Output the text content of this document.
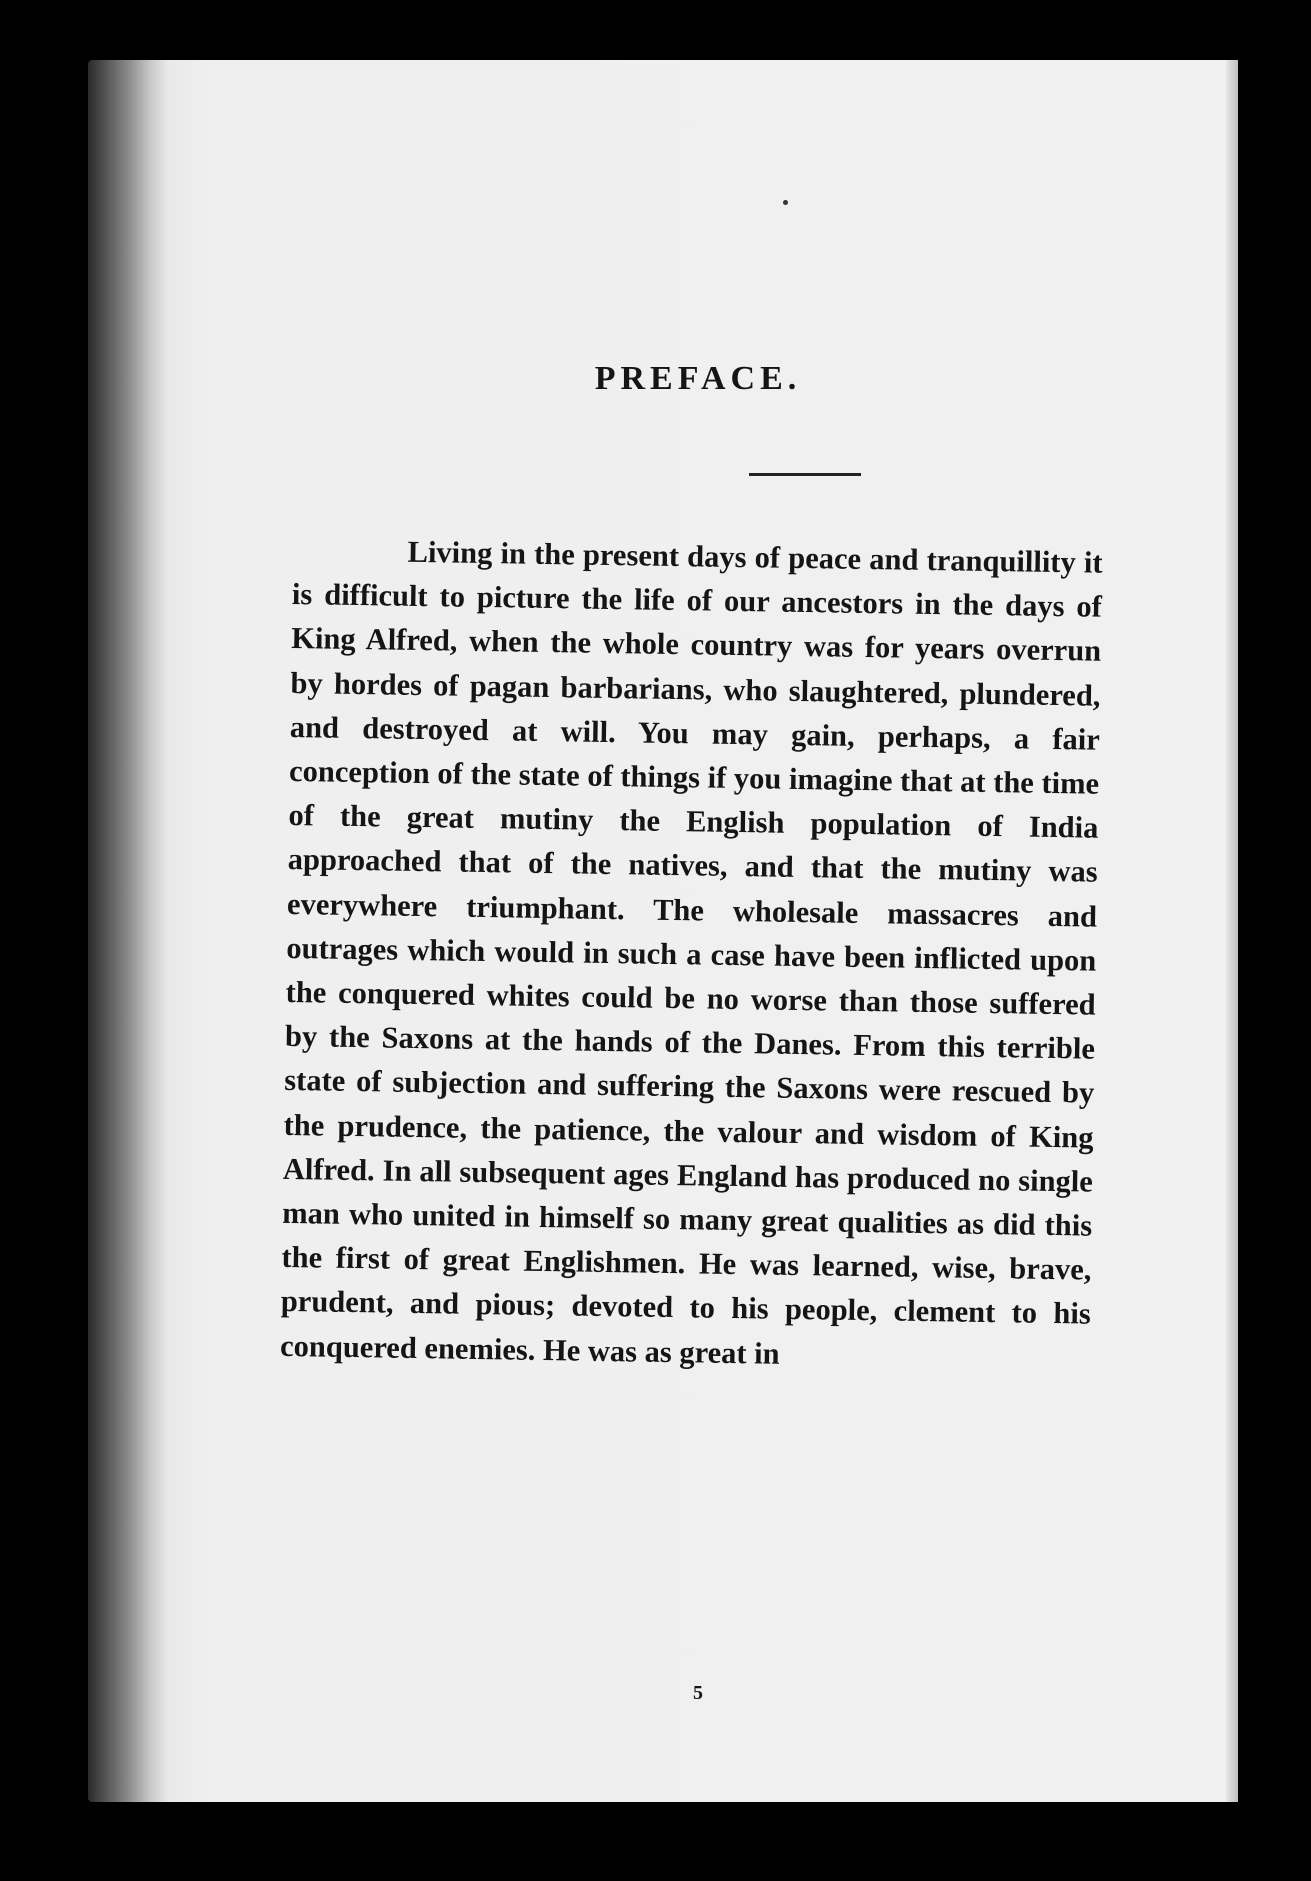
PREFACE.

Living in the present days of peace and tranquillity it is difficult to picture the life of our ancestors in the days of King Alfred, when the whole country was for years overrun by hordes of pagan barbarians, who slaughtered, plundered, and destroyed at will. You may gain, perhaps, a fair conception of the state of things if you imagine that at the time of the great mutiny the English population of India approached that of the natives, and that the mutiny was everywhere triumphant. The wholesale massacres and outrages which would in such a case have been inflicted upon the conquered whites could be no worse than those suffered by the Saxons at the hands of the Danes. From this terrible state of subjection and suffering the Saxons were rescued by the prudence, the patience, the valour and wisdom of King Alfred. In all subsequent ages England has produced no single man who united in himself so many great qualities as did this the first of great Englishmen. He was learned, wise, brave, prudent, and pious; devoted to his people, clement to his conquered enemies. He was as great in

5
